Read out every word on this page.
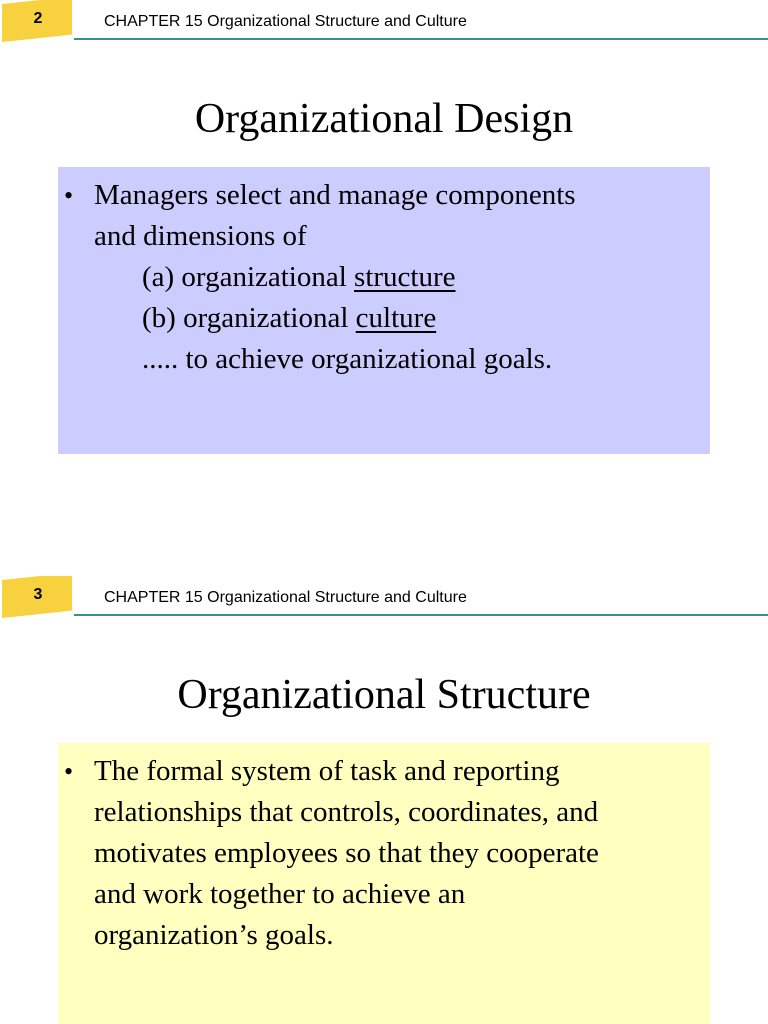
2	CHAPTER 15 Organizational Structure and Culture
Organizational Design
• Managers select and manage components
and dimensions of
(a) organizational structure
(b) organizational culture
..... to achieve organizational goals.
3	CHAPTER 15 Organizational Structure and Culture
Organizational Structure
• The formal system of task and reporting
relationships that controls, coordinates, and
motivates employees so that they cooperate
and work together to achieve an
organization’s goals.
